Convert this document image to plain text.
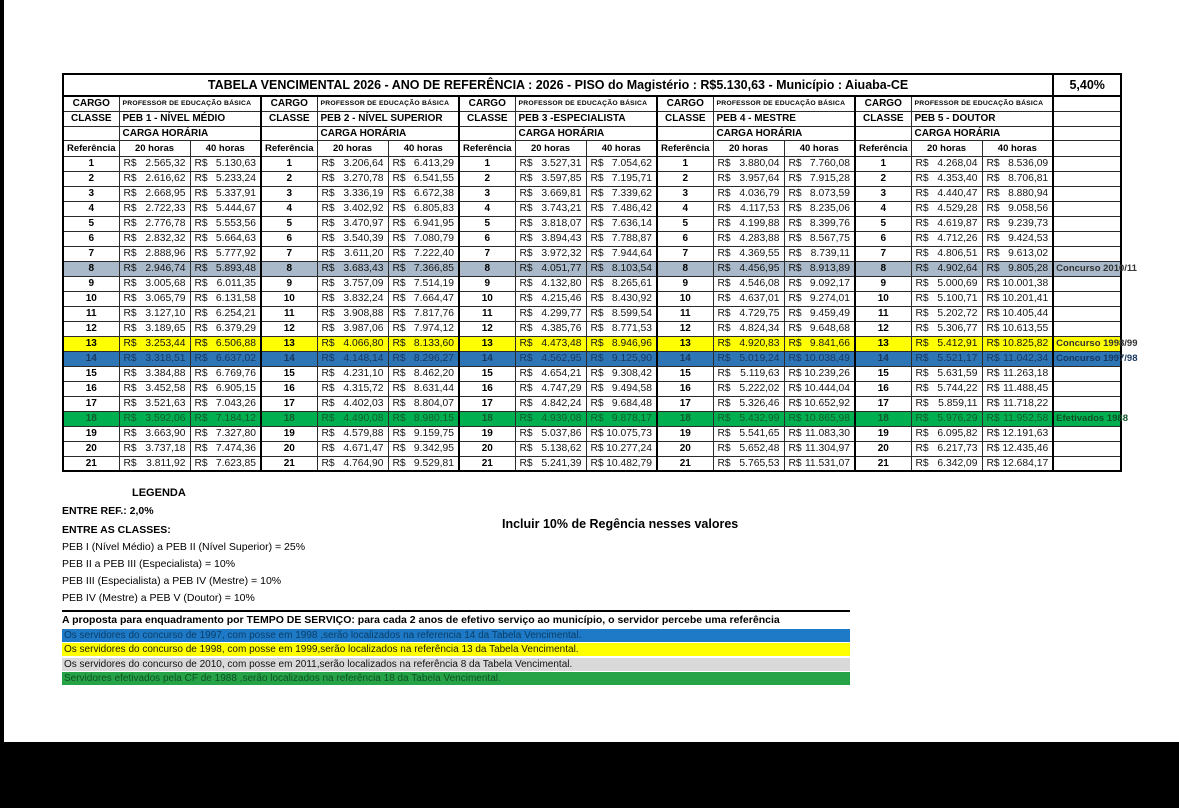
TABELA VENCIMENTAL 2026 - ANO DE REFERÊNCIA : 2026 - PISO do Magistério : R$5.130,63 - Município : Aiuaba-CE															5,40%
CARGO	PROFESSOR DE EDUCAÇÃO BÁSICA		CARGO	PROFESSOR DE EDUCAÇÃO BÁSICA		CARGO	PROFESSOR DE EDUCAÇÃO BÁSICA		CARGO	PROFESSOR DE EDUCAÇÃO BÁSICA		CARGO	PROFESSOR DE EDUCAÇÃO BÁSICA		
CLASSE	PEB 1 - NÍVEL MÉDIO		CLASSE	PEB 2 - NÍVEL SUPERIOR		CLASSE	PEB 3 -ESPECIALISTA		CLASSE	PEB 4 - MESTRE		CLASSE	PEB 5 - DOUTOR		
	CARGA HORÁRIA			CARGA HORÁRIA			CARGA HORÁRIA			CARGA HORÁRIA			CARGA HORÁRIA		
Referência	20 horas	40 horas	Referência	20 horas	40 horas	Referência	20 horas	40 horas	Referência	20 horas	40 horas	Referência	20 horas	40 horas	
1	R$ 2.565,32	R$ 5.130,63	1	R$ 3.206,64	R$ 6.413,29	1	R$ 3.527,31	R$ 7.054,62	1	R$ 3.880,04	R$ 7.760,08	1	R$ 4.268,04	R$ 8.536,09	

2	R$ 2.616,62	R$ 5.233,24	2	R$ 3.270,78	R$ 6.541,55	2	R$ 3.597,85	R$ 7.195,71	2	R$ 3.957,64	R$ 7.915,28	2	R$ 4.353,40	R$ 8.706,81	

3	R$ 2.668,95	R$ 5.337,91	3	R$ 3.336,19	R$ 6.672,38	3	R$ 3.669,81	R$ 7.339,62	3	R$ 4.036,79	R$ 8.073,59	3	R$ 4.440,47	R$ 8.880,94	

4	R$ 2.722,33	R$ 5.444,67	4	R$ 3.402,92	R$ 6.805,83	4	R$ 3.743,21	R$ 7.486,42	4	R$ 4.117,53	R$ 8.235,06	4	R$ 4.529,28	R$ 9.058,56	

5	R$ 2.776,78	R$ 5.553,56	5	R$ 3.470,97	R$ 6.941,95	5	R$ 3.818,07	R$ 7.636,14	5	R$ 4.199,88	R$ 8.399,76	5	R$ 4.619,87	R$ 9.239,73	

6	R$ 2.832,32	R$ 5.664,63	6	R$ 3.540,39	R$ 7.080,79	6	R$ 3.894,43	R$ 7.788,87	6	R$ 4.283,88	R$ 8.567,75	6	R$ 4.712,26	R$ 9.424,53	

7	R$ 2.888,96	R$ 5.777,92	7	R$ 3.611,20	R$ 7.222,40	7	R$ 3.972,32	R$ 7.944,64	7	R$ 4.369,55	R$ 8.739,11	7	R$ 4.806,51	R$ 9.613,02	

8	R$ 2.946,74	R$ 5.893,48	8	R$ 3.683,43	R$ 7.366,85	8	R$ 4.051,77	R$ 8.103,54	8	R$ 4.456,95	R$ 8.913,89	8	R$ 4.902,64	R$ 9.805,28	Concurso 2010/11
9	R$ 3.005,68	R$ 6.011,35	9	R$ 3.757,09	R$ 7.514,19	9	R$ 4.132,80	R$ 8.265,61	9	R$ 4.546,08	R$ 9.092,17	9	R$ 5.000,69	R$ 10.001,38	

10	R$ 3.065,79	R$ 6.131,58	10	R$ 3.832,24	R$ 7.664,47	10	R$ 4.215,46	R$ 8.430,92	10	R$ 4.637,01	R$ 9.274,01	10	R$ 5.100,71	R$ 10.201,41	

11	R$ 3.127,10	R$ 6.254,21	11	R$ 3.908,88	R$ 7.817,76	11	R$ 4.299,77	R$ 8.599,54	11	R$ 4.729,75	R$ 9.459,49	11	R$ 5.202,72	R$ 10.405,44	

12	R$ 3.189,65	R$ 6.379,29	12	R$ 3.987,06	R$ 7.974,12	12	R$ 4.385,76	R$ 8.771,53	12	R$ 4.824,34	R$ 9.648,68	12	R$ 5.306,77	R$ 10.613,55	

13	R$ 3.253,44	R$ 6.506,88	13	R$ 4.066,80	R$ 8.133,60	13	R$ 4.473,48	R$ 8.946,96	13	R$ 4.920,83	R$ 9.841,66	13	R$ 5.412,91	R$ 10.825,82	Concurso 1998/99
14	R$ 3.318,51	R$ 6.637,02	14	R$ 4.148,14	R$ 8.296,27	14	R$ 4.562,95	R$ 9.125,90	14	R$ 5.019,24	R$ 10.038,49	14	R$ 5.521,17	R$ 11.042,34	Concurso 1997/98
15	R$ 3.384,88	R$ 6.769,76	15	R$ 4.231,10	R$ 8.462,20	15	R$ 4.654,21	R$ 9.308,42	15	R$ 5.119,63	R$ 10.239,26	15	R$ 5.631,59	R$ 11.263,18	

16	R$ 3.452,58	R$ 6.905,15	16	R$ 4.315,72	R$ 8.631,44	16	R$ 4.747,29	R$ 9.494,58	16	R$ 5.222,02	R$ 10.444,04	16	R$ 5.744,22	R$ 11.488,45	

17	R$ 3.521,63	R$ 7.043,26	17	R$ 4.402,03	R$ 8.804,07	17	R$ 4.842,24	R$ 9.684,48	17	R$ 5.326,46	R$ 10.652,92	17	R$ 5.859,11	R$ 11.718,22	

18	R$ 3.592,06	R$ 7.184,12	18	R$ 4.490,08	R$ 8.980,15	18	R$ 4.939,08	R$ 9.878,17	18	R$ 5.432,99	R$ 10.865,98	18	R$ 5.976,29	R$ 11.952,58	Efetivados 1988
19	R$ 3.663,90	R$ 7.327,80	19	R$ 4.579,88	R$ 9.159,75	19	R$ 5.037,86	R$ 10.075,73	19	R$ 5.541,65	R$ 11.083,30	19	R$ 6.095,82	R$ 12.191,63	

20	R$ 3.737,18	R$ 7.474,36	20	R$ 4.671,47	R$ 9.342,95	20	R$ 5.138,62	R$ 10.277,24	20	R$ 5.652,48	R$ 11.304,97	20	R$ 6.217,73	R$ 12.435,46	

21	R$ 3.811,92	R$ 7.623,85	21	R$ 4.764,90	R$ 9.529,81	21	R$ 5.241,39	R$ 10.482,79	21	R$ 5.765,53	R$ 11.531,07	21	R$ 6.342,09	R$ 12.684,17	

LEGENDA
ENTRE REF.: 2,0%
ENTRE AS CLASSES:
PEB I (Nível Médio) a PEB II (Nível Superior) = 25%
PEB II a PEB III (Especialista) = 10%
PEB III (Especialista) a PEB IV (Mestre) = 10%
PEB IV (Mestre) a PEB V (Doutor) = 10%
Incluir 10% de Regência nesses valores
A proposta para enquadramento por TEMPO DE SERVIÇO: para cada 2 anos de efetivo serviço ao município, o servidor percebe uma referência
Os servidores do concurso de 1997, com posse em 1998 ,serão localizados na referencia 14 da Tabela Vencimental.
Os servidores do concurso de 1998, com posse em 1999,serão localizados na referência 13 da Tabela Vencimental.
Os servidores do concurso de 2010, com posse em 2011,serão localizados na referência 8 da Tabela Vencimental.
Servidores efetivados pela CF de 1988 ,serão localizados na referência 18 da Tabela Vencimental.
